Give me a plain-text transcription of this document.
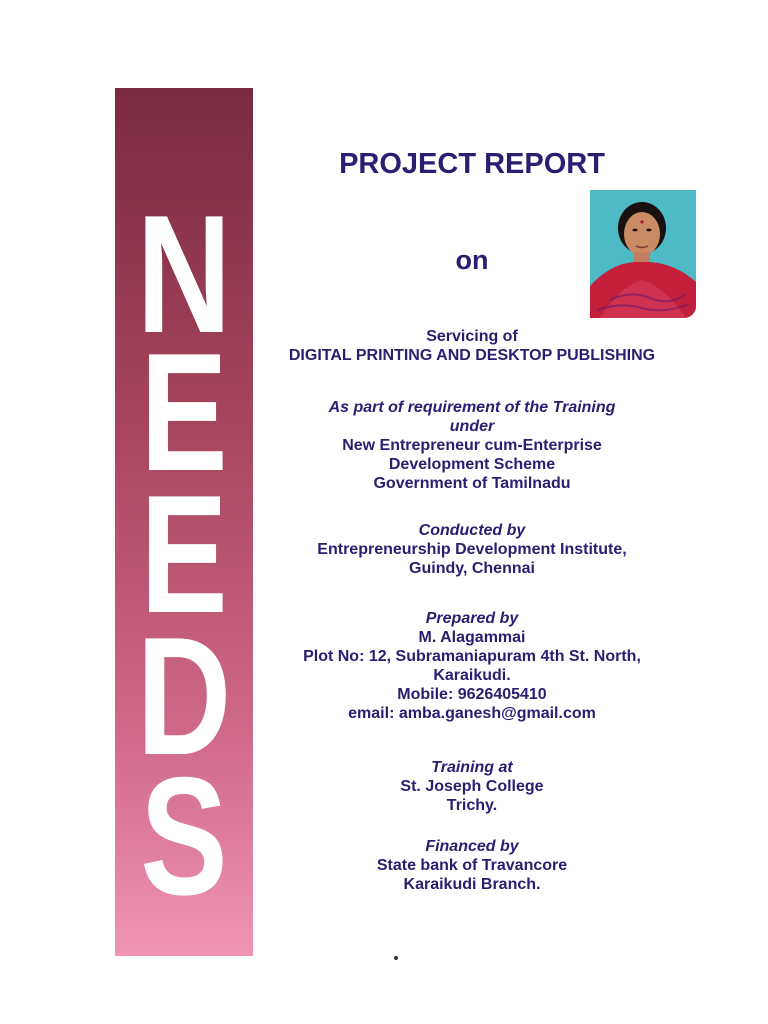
N
E
E
D
S
PROJECT REPORT
on
Servicing of
DIGITAL PRINTING AND DESKTOP PUBLISHING
As part of requirement of the Training
under
New Entrepreneur cum-Enterprise
Development Scheme
Government of Tamilnadu
Conducted by
Entrepreneurship Development Institute,
Guindy, Chennai
Prepared by
M. Alagammai
Plot No: 12, Subramaniapuram 4th St. North,
Karaikudi.
Mobile: 9626405410
email: amba.ganesh@gmail.com
Training at
St. Joseph College
Trichy.
Financed by
State bank of Travancore
Karaikudi Branch.
